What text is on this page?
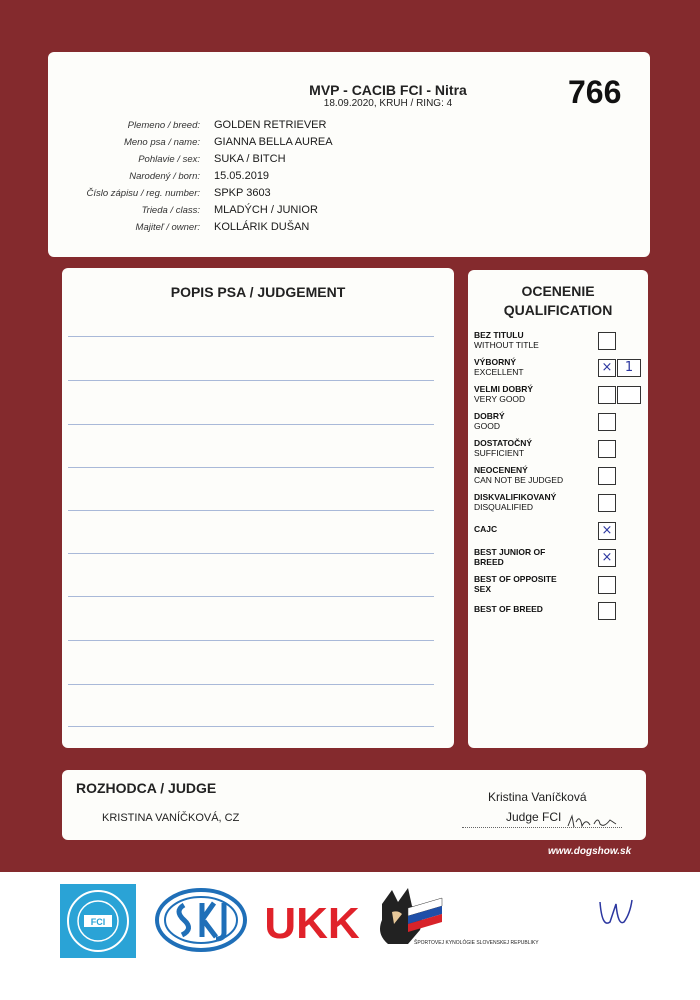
MVP - CACIB FCI - Nitra
18.09.2020, KRUH / RING: 4	766
Plemeno / breed: GOLDEN RETRIEVER
Meno psa / name: GIANNA BELLA AUREA
Pohlavie / sex: SUKA / BITCH
Narodený / born: 15.05.2019
Číslo zápisu / reg. number: SPKP 3603
Trieda / class: MLADÝCH / JUNIOR
Majiteľ / owner: KOLLÁRIK DUŠAN
POPIS PSA / JUDGEMENT	OCENENIE
QUALIFICATION
BEZ TITULU
WITHOUT TITLE
VÝBORNÝ
EXCELLENT	× 1
VELMI DOBRÝ
VERY GOOD
DOBRÝ
GOOD
DOSTATOČNÝ
SUFFICIENT
NEOCENENÝ
CAN NOT BE JUDGED
DISKVALIFIKOVANÝ
DISQUALIFIED
CAJC	×
BEST JUNIOR OF
BREED	×
BEST OF OPPOSITE
SEX
BEST OF BREED
ROZHODCA / JUDGE
KRISTINA VANÍČKOVÁ, CZ
Kristina Vaníčková
Judge FCI
www.dogshow.sk
FCI	UKK	ŠPORTOVEJ KYNOLÓGIE SLOVENSKEJ REPUBLIKY
